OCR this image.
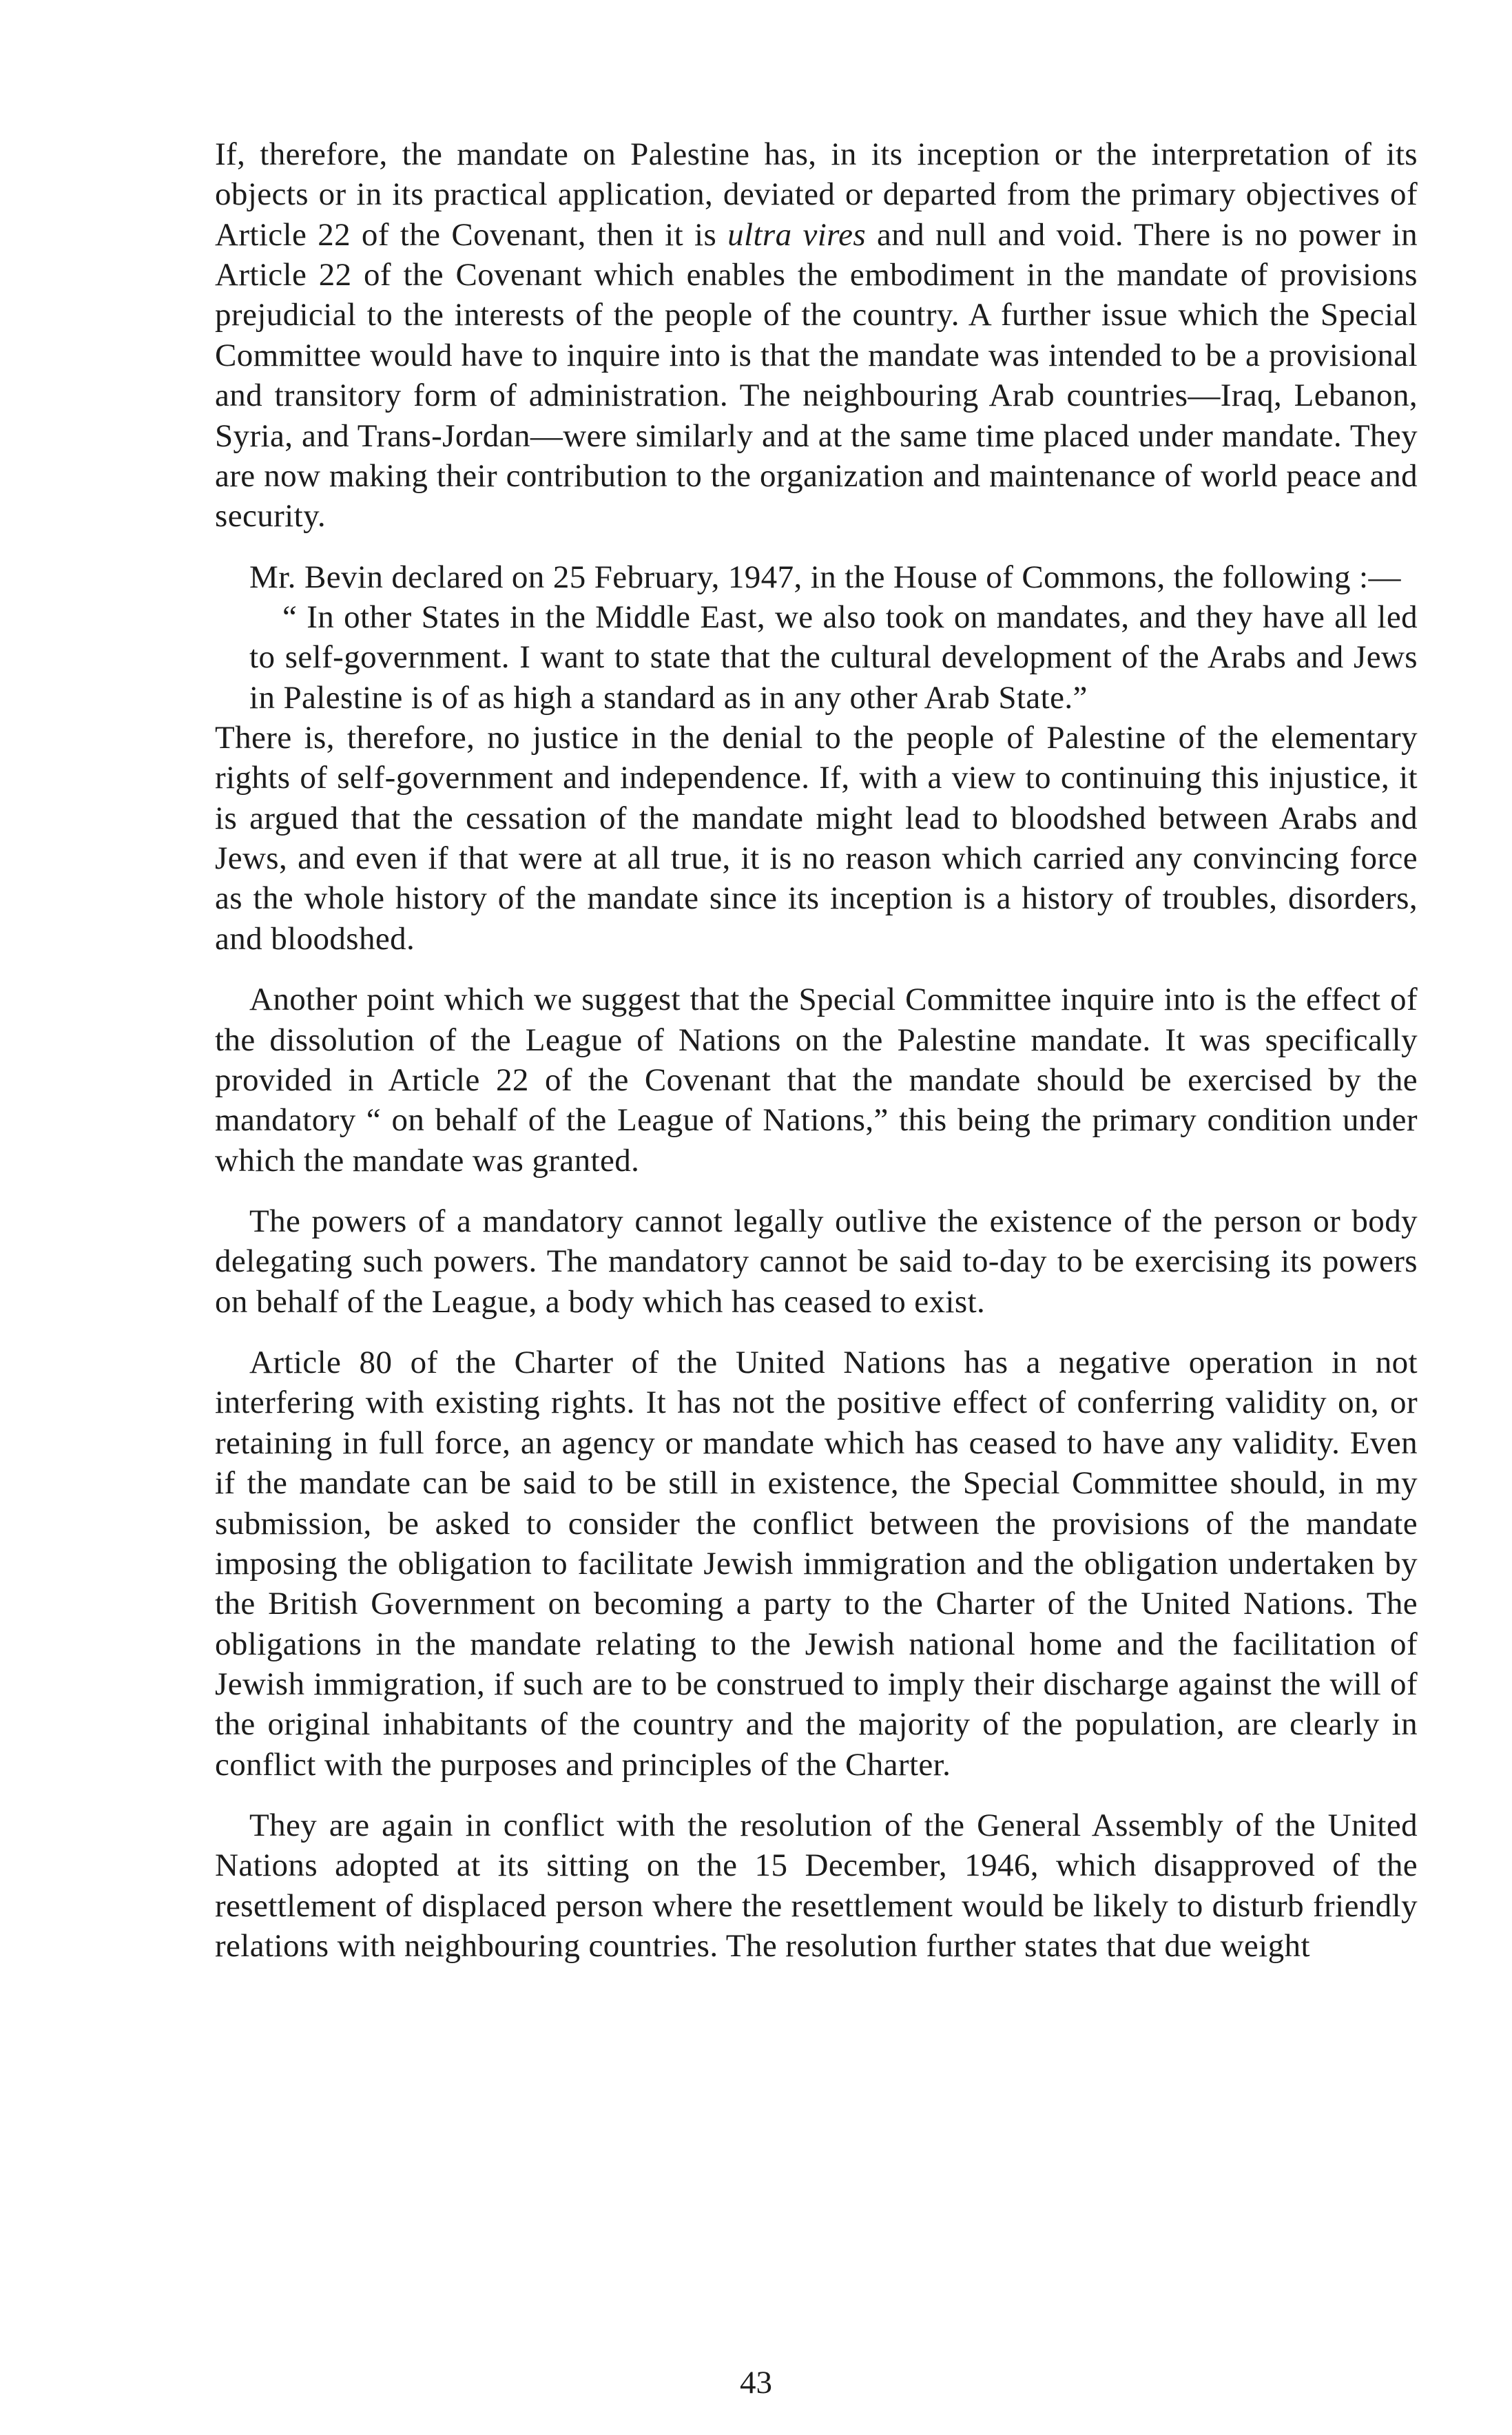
If, therefore, the mandate on Palestine has, in its inception or the interpretation of its objects or in its practical application, deviated or departed from the primary objectives of Article 22 of the Covenant, then it is ultra vires and null and void. There is no power in Article 22 of the Covenant which enables the embodiment in the mandate of provisions prejudicial to the interests of the people of the country. A further issue which the Special Committee would have to inquire into is that the mandate was intended to be a provisional and transitory form of administration. The neighbouring Arab countries—Iraq, Lebanon, Syria, and Trans-Jordan—were similarly and at the same time placed under mandate. They are now making their contribution to the organization and maintenance of world peace and security.

Mr. Bevin declared on 25 February, 1947, in the House of Commons, the following :—

“ In other States in the Middle East, we also took on mandates, and they have all led to self-government. I want to state that the cultural development of the Arabs and Jews in Palestine is of as high a standard as in any other Arab State.”

There is, therefore, no justice in the denial to the people of Palestine of the elementary rights of self-government and independence. If, with a view to continuing this injustice, it is argued that the cessation of the mandate might lead to bloodshed between Arabs and Jews, and even if that were at all true, it is no reason which carried any convincing force as the whole history of the mandate since its inception is a history of troubles, disorders, and bloodshed.

Another point which we suggest that the Special Committee inquire into is the effect of the dissolution of the League of Nations on the Palestine mandate. It was specifically provided in Article 22 of the Covenant that the mandate should be exercised by the mandatory “ on behalf of the League of Nations,” this being the primary condition under which the mandate was granted.

The powers of a mandatory cannot legally outlive the existence of the person or body delegating such powers. The mandatory cannot be said to-day to be exercising its powers on behalf of the League, a body which has ceased to exist.

Article 80 of the Charter of the United Nations has a negative operation in not interfering with existing rights. It has not the positive effect of conferring validity on, or retaining in full force, an agency or mandate which has ceased to have any validity. Even if the mandate can be said to be still in existence, the Special Committee should, in my submission, be asked to consider the conflict between the provisions of the mandate imposing the obligation to facilitate Jewish immigration and the obligation undertaken by the British Government on becoming a party to the Charter of the United Nations. The obligations in the mandate relating to the Jewish national home and the facilitation of Jewish immigration, if such are to be construed to imply their discharge against the will of the original inhabitants of the country and the majority of the population, are clearly in conflict with the purposes and principles of the Charter.

They are again in conflict with the resolution of the General Assembly of the United Nations adopted at its sitting on the 15 December, 1946, which disapproved of the resettlement of displaced person where the resettlement would be likely to disturb friendly relations with neighbouring countries. The resolution further states that due weight

43
